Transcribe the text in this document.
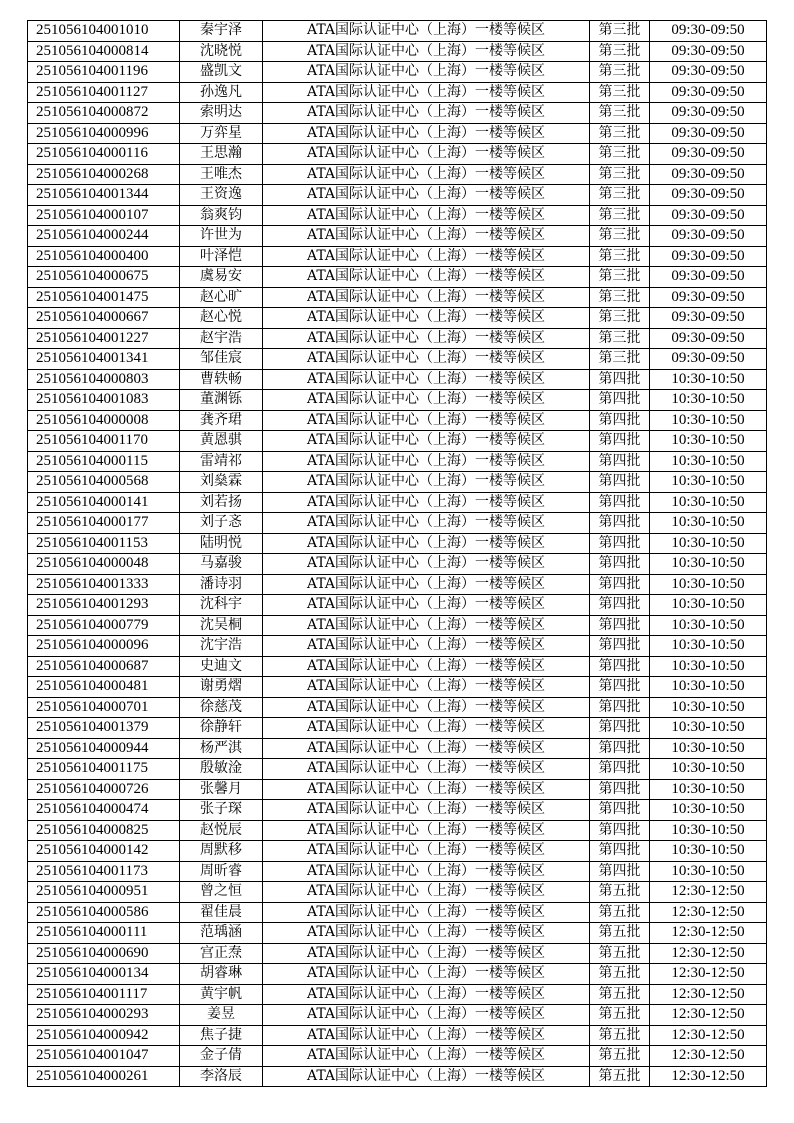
251056104001010	秦宇泽	ATA国际认证中心（上海）一楼等候区	第三批	09:30-09:50
251056104000814	沈晓悦	ATA国际认证中心（上海）一楼等候区	第三批	09:30-09:50
251056104001196	盛凯文	ATA国际认证中心（上海）一楼等候区	第三批	09:30-09:50
251056104001127	孙逸凡	ATA国际认证中心（上海）一楼等候区	第三批	09:30-09:50
251056104000872	索明达	ATA国际认证中心（上海）一楼等候区	第三批	09:30-09:50
251056104000996	万弈星	ATA国际认证中心（上海）一楼等候区	第三批	09:30-09:50
251056104000116	王思瀚	ATA国际认证中心（上海）一楼等候区	第三批	09:30-09:50
251056104000268	王唯杰	ATA国际认证中心（上海）一楼等候区	第三批	09:30-09:50
251056104001344	王资逸	ATA国际认证中心（上海）一楼等候区	第三批	09:30-09:50
251056104000107	翁爽钧	ATA国际认证中心（上海）一楼等候区	第三批	09:30-09:50
251056104000244	许世为	ATA国际认证中心（上海）一楼等候区	第三批	09:30-09:50
251056104000400	叶泽恺	ATA国际认证中心（上海）一楼等候区	第三批	09:30-09:50
251056104000675	虞易安	ATA国际认证中心（上海）一楼等候区	第三批	09:30-09:50
251056104001475	赵心旷	ATA国际认证中心（上海）一楼等候区	第三批	09:30-09:50
251056104000667	赵心悦	ATA国际认证中心（上海）一楼等候区	第三批	09:30-09:50
251056104001227	赵宇浩	ATA国际认证中心（上海）一楼等候区	第三批	09:30-09:50
251056104001341	邹佳宸	ATA国际认证中心（上海）一楼等候区	第三批	09:30-09:50
251056104000803	曹轶畅	ATA国际认证中心（上海）一楼等候区	第四批	10:30-10:50
251056104001083	董渊铄	ATA国际认证中心（上海）一楼等候区	第四批	10:30-10:50
251056104000008	龚齐珺	ATA国际认证中心（上海）一楼等候区	第四批	10:30-10:50
251056104001170	黄恩骐	ATA国际认证中心（上海）一楼等候区	第四批	10:30-10:50
251056104000115	雷靖祁	ATA国际认证中心（上海）一楼等候区	第四批	10:30-10:50
251056104000568	刘燊霖	ATA国际认证中心（上海）一楼等候区	第四批	10:30-10:50
251056104000141	刘若扬	ATA国际认证中心（上海）一楼等候区	第四批	10:30-10:50
251056104000177	刘子忞	ATA国际认证中心（上海）一楼等候区	第四批	10:30-10:50
251056104001153	陆明悦	ATA国际认证中心（上海）一楼等候区	第四批	10:30-10:50
251056104000048	马嘉骏	ATA国际认证中心（上海）一楼等候区	第四批	10:30-10:50
251056104001333	潘诗羽	ATA国际认证中心（上海）一楼等候区	第四批	10:30-10:50
251056104001293	沈科宇	ATA国际认证中心（上海）一楼等候区	第四批	10:30-10:50
251056104000779	沈吴桐	ATA国际认证中心（上海）一楼等候区	第四批	10:30-10:50
251056104000096	沈宇浩	ATA国际认证中心（上海）一楼等候区	第四批	10:30-10:50
251056104000687	史迪文	ATA国际认证中心（上海）一楼等候区	第四批	10:30-10:50
251056104000481	谢勇熠	ATA国际认证中心（上海）一楼等候区	第四批	10:30-10:50
251056104000701	徐慈茂	ATA国际认证中心（上海）一楼等候区	第四批	10:30-10:50
251056104001379	徐静轩	ATA国际认证中心（上海）一楼等候区	第四批	10:30-10:50
251056104000944	杨严淇	ATA国际认证中心（上海）一楼等候区	第四批	10:30-10:50
251056104001175	殷敏淦	ATA国际认证中心（上海）一楼等候区	第四批	10:30-10:50
251056104000726	张馨月	ATA国际认证中心（上海）一楼等候区	第四批	10:30-10:50
251056104000474	张子琛	ATA国际认证中心（上海）一楼等候区	第四批	10:30-10:50
251056104000825	赵悦辰	ATA国际认证中心（上海）一楼等候区	第四批	10:30-10:50
251056104000142	周默移	ATA国际认证中心（上海）一楼等候区	第四批	10:30-10:50
251056104001173	周昕睿	ATA国际认证中心（上海）一楼等候区	第四批	10:30-10:50
251056104000951	曾之恒	ATA国际认证中心（上海）一楼等候区	第五批	12:30-12:50
251056104000586	翟佳晨	ATA国际认证中心（上海）一楼等候区	第五批	12:30-12:50
251056104000111	范瑀涵	ATA国际认证中心（上海）一楼等候区	第五批	12:30-12:50
251056104000690	宫正焘	ATA国际认证中心（上海）一楼等候区	第五批	12:30-12:50
251056104000134	胡睿琳	ATA国际认证中心（上海）一楼等候区	第五批	12:30-12:50
251056104001117	黄宇帆	ATA国际认证中心（上海）一楼等候区	第五批	12:30-12:50
251056104000293	姜昱	ATA国际认证中心（上海）一楼等候区	第五批	12:30-12:50
251056104000942	焦子捷	ATA国际认证中心（上海）一楼等候区	第五批	12:30-12:50
251056104001047	金子倩	ATA国际认证中心（上海）一楼等候区	第五批	12:30-12:50
251056104000261	李洛辰	ATA国际认证中心（上海）一楼等候区	第五批	12:30-12:50
